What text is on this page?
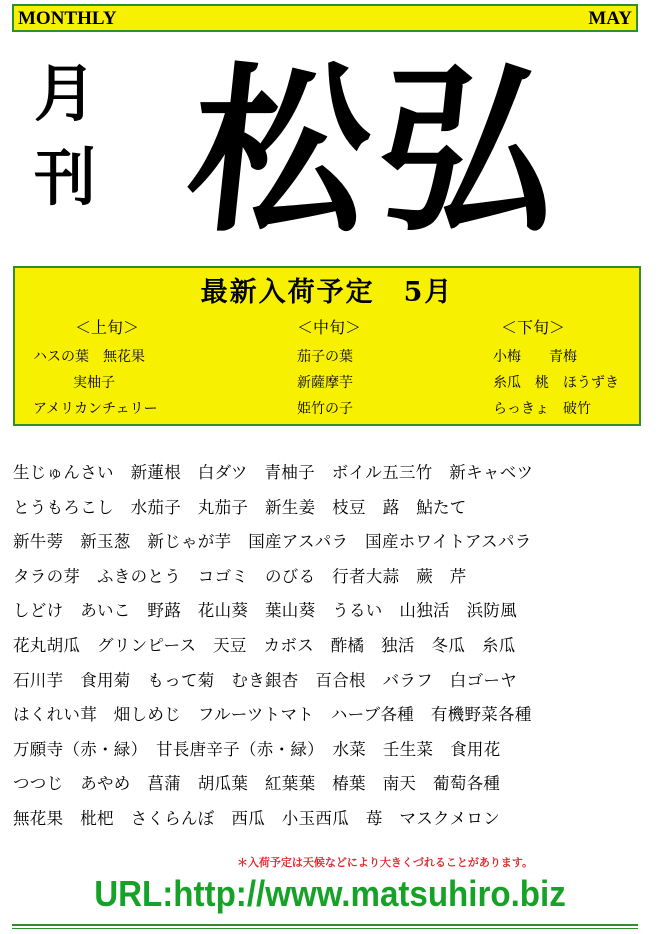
MONTHLY	MAY
月
刊 松弘
最新入荷予定　5月
＜上旬＞
ハスの葉　無花果
実柚子
アメリカンチェリー
＜中旬＞
茄子の葉
新薩摩芋
姫竹の子
＜下旬＞
小梅　　青梅
糸瓜　桃　ほうずき
らっきょ　破竹
生じゅんさい　新蓮根　白ダツ　青柚子　ボイル五三竹　新キャベツ
とうもろこし　水茄子　丸茄子　新生姜　枝豆　蕗　鮎たて
新牛蒡　新玉葱　新じゃが芋　国産アスパラ　国産ホワイトアスパラ
タラの芽　ふきのとう　コゴミ　のびる　行者大蒜　蕨　芹
しどけ　あいこ　野蕗　花山葵　葉山葵　うるい　山独活　浜防風
花丸胡瓜　グリンピース　天豆　カボス　酢橘　独活　冬瓜　糸瓜
石川芋　食用菊　もって菊　むき銀杏　百合根　バラフ　白ゴーヤ
はくれい茸　畑しめじ　フルーツトマト　ハーブ各種　有機野菜各種
万願寺（赤・緑）　甘長唐辛子（赤・緑）　水菜　壬生菜　食用花
つつじ　あやめ　菖蒲　胡瓜葉　紅葉葉　椿葉　南天　葡萄各種
無花果　枇杷　さくらんぼ　西瓜　小玉西瓜　苺　マスクメロン
＊入荷予定は天候などにより大きくづれることがあります。
URL:http://www.matsuhiro.biz
